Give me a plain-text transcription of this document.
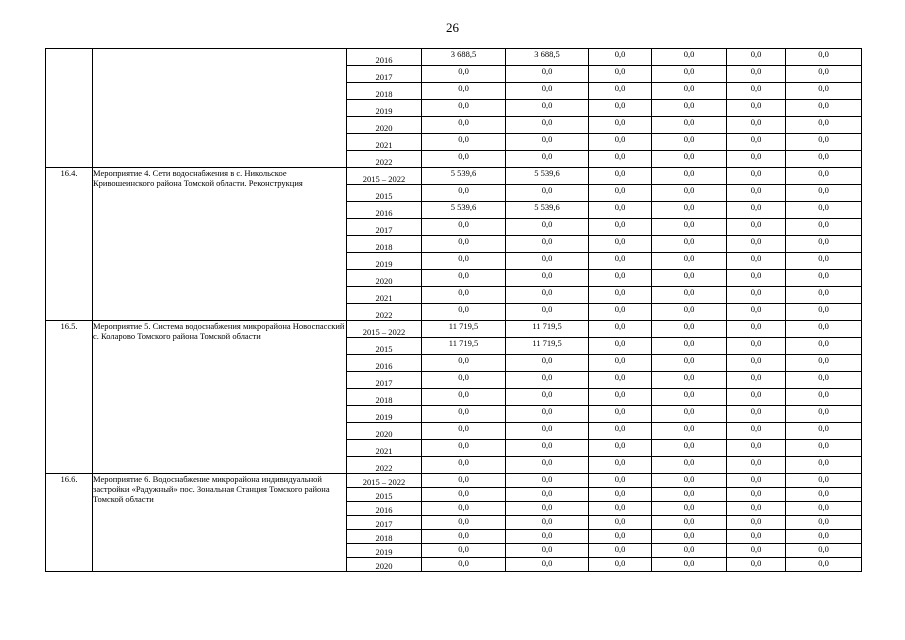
26
		2016	3 688,5	3 688,5	0,0	0,0	0,0	0,0
		2017	0,0	0,0	0,0	0,0	0,0	0,0
		2018	0,0	0,0	0,0	0,0	0,0	0,0
		2019	0,0	0,0	0,0	0,0	0,0	0,0
		2020	0,0	0,0	0,0	0,0	0,0	0,0
		2021	0,0	0,0	0,0	0,0	0,0	0,0
		2022	0,0	0,0	0,0	0,0	0,0	0,0
16.4.	Мероприятие 4. Сети водоснабжения в с. Никольское Кривошеинского района Томской области. Реконструкция	2015 – 2022	5 539,6	5 539,6	0,0	0,0	0,0	0,0
		2015	0,0	0,0	0,0	0,0	0,0	0,0
		2016	5 539,6	5 539,6	0,0	0,0	0,0	0,0
		2017	0,0	0,0	0,0	0,0	0,0	0,0
		2018	0,0	0,0	0,0	0,0	0,0	0,0
		2019	0,0	0,0	0,0	0,0	0,0	0,0
		2020	0,0	0,0	0,0	0,0	0,0	0,0
		2021	0,0	0,0	0,0	0,0	0,0	0,0
		2022	0,0	0,0	0,0	0,0	0,0	0,0
16.5.	Мероприятие 5. Система водоснабжения микрорайона Новоспасский с. Коларово Томского района Томской области	2015 – 2022	11 719,5	11 719,5	0,0	0,0	0,0	0,0
		2015	11 719,5	11 719,5	0,0	0,0	0,0	0,0
		2016	0,0	0,0	0,0	0,0	0,0	0,0
		2017	0,0	0,0	0,0	0,0	0,0	0,0
		2018	0,0	0,0	0,0	0,0	0,0	0,0
		2019	0,0	0,0	0,0	0,0	0,0	0,0
		2020	0,0	0,0	0,0	0,0	0,0	0,0
		2021	0,0	0,0	0,0	0,0	0,0	0,0
		2022	0,0	0,0	0,0	0,0	0,0	0,0
16.6.	Мероприятие 6. Водоснабжение микрорайона индивидуальной застройки «Радужный» пос. Зональная Станция Томского района Томской области	2015 – 2022	0,0	0,0	0,0	0,0	0,0	0,0
		2015	0,0	0,0	0,0	0,0	0,0	0,0
		2016	0,0	0,0	0,0	0,0	0,0	0,0
		2017	0,0	0,0	0,0	0,0	0,0	0,0
		2018	0,0	0,0	0,0	0,0	0,0	0,0
		2019	0,0	0,0	0,0	0,0	0,0	0,0
		2020	0,0	0,0	0,0	0,0	0,0	0,0
